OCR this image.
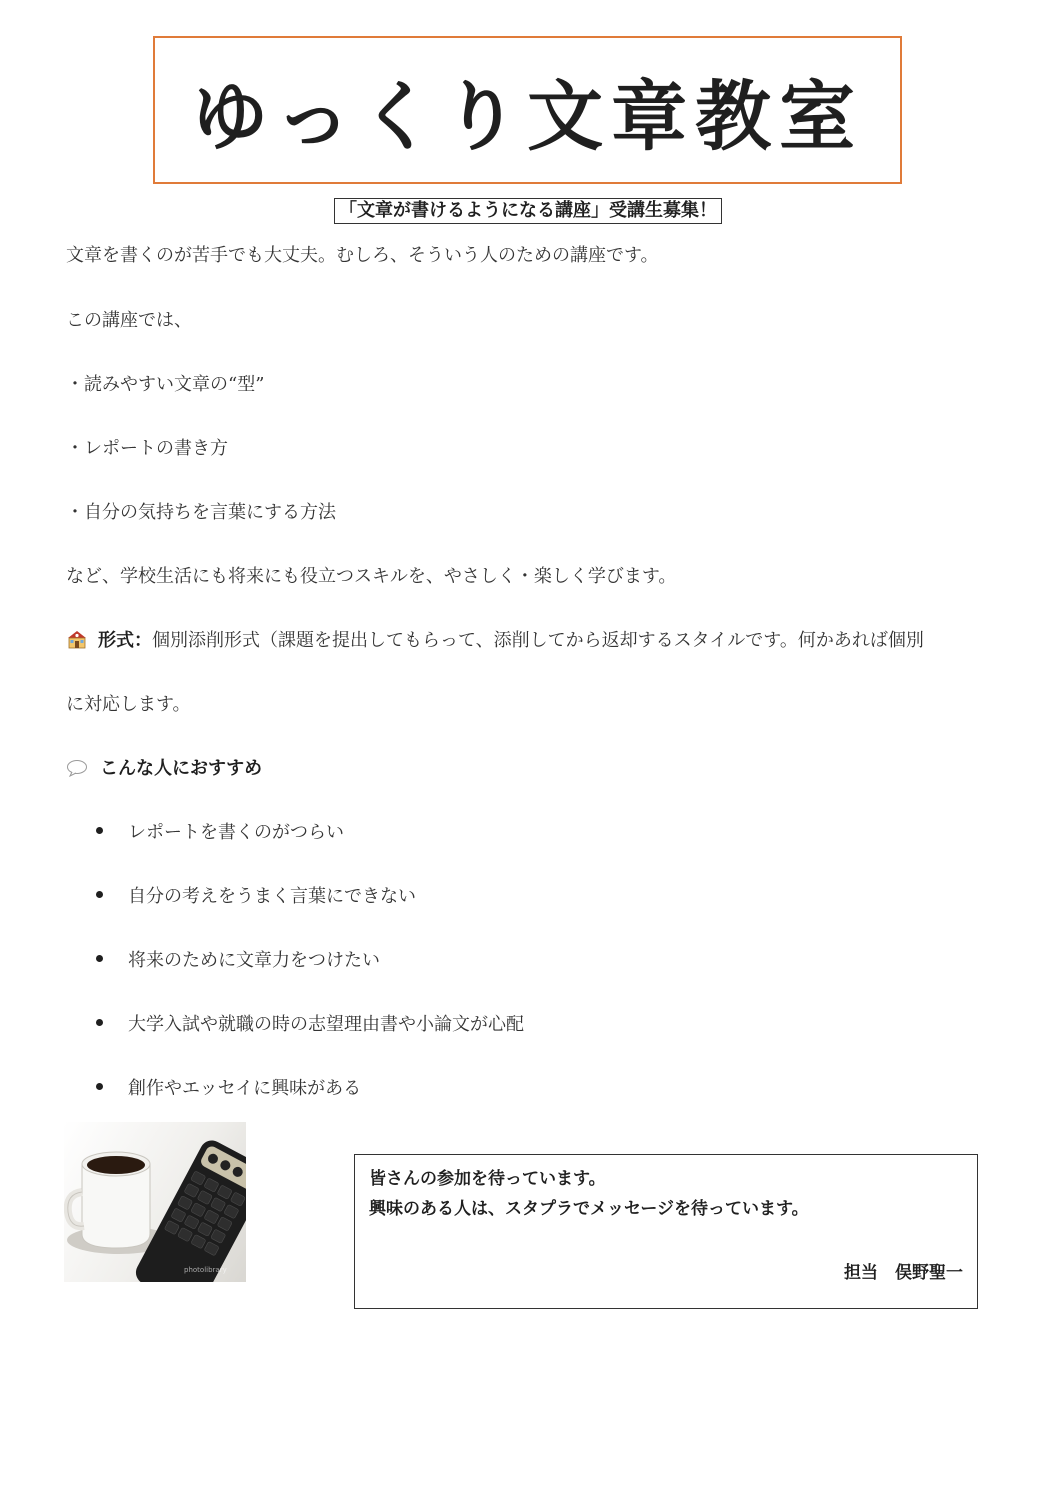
ゆっくり文章教室
「文章が書けるようになる講座」受講生募集！
文章を書くのが苦手でも大丈夫。むしろ、そういう人のための講座です。
この講座では、
・読みやすい文章の“型”
・レポートの書き方
・自分の気持ちを言葉にする方法
など、学校生活にも将来にも役立つスキルを、やさしく・楽しく学びます。
形式：個別添削形式（課題を提出してもらって、添削してから返却するスタイルです。何かあれば個別
に対応します。
こんな人におすすめ
レポートを書くのがつらい
自分の考えをうまく言葉にできない
将来のために文章力をつけたい
大学入試や就職の時の志望理由書や小論文が心配
創作やエッセイに興味がある
photolibrary
皆さんの参加を待っています。
興味のある人は、スタプラでメッセージを待っています。
担当　俣野聖一
